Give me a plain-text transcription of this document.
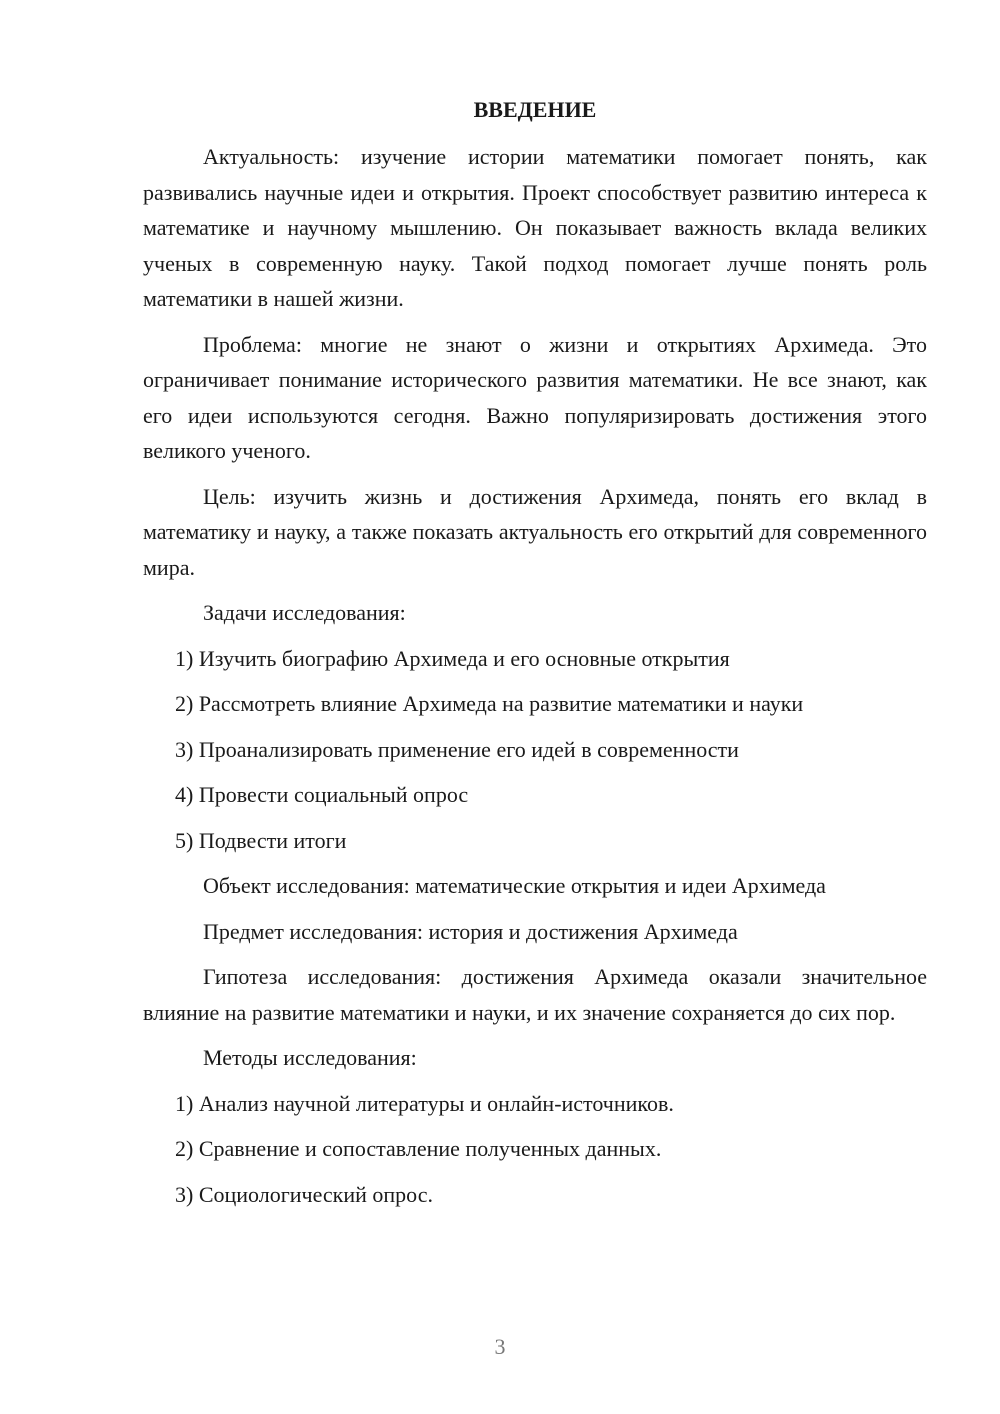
ВВЕДЕНИЕ

Актуальность: изучение истории математики помогает понять, как развивались научные идеи и открытия. Проект способствует развитию интереса к математике и научному мышлению. Он показывает важность вклада великих ученых в современную науку. Такой подход помогает лучше понять роль математики в нашей жизни.

Проблема: многие не знают о жизни и открытиях Архимеда. Это ограничивает понимание исторического развития математики. Не все знают, как его идеи используются сегодня. Важно популяризировать достижения этого великого ученого.

Цель: изучить жизнь и достижения Архимеда, понять его вклад в математику и науку, а также показать актуальность его открытий для современного мира.

Задачи исследования:
1) Изучить биографию Архимеда и его основные открытия
2) Рассмотреть влияние Архимеда на развитие математики и науки
3) Проанализировать применение его идей в современности
4) Провести социальный опрос
5) Подвести итоги
Объект исследования: математические открытия и идеи Архимеда
Предмет исследования: история и достижения Архимеда

Гипотеза исследования: достижения Архимеда оказали значительное влияние на развитие математики и науки, и их значение сохраняется до сих пор.

Методы исследования:
1) Анализ научной литературы и онлайн-источников.
2) Сравнение и сопоставление полученных данных.
3) Социологический опрос.
3
